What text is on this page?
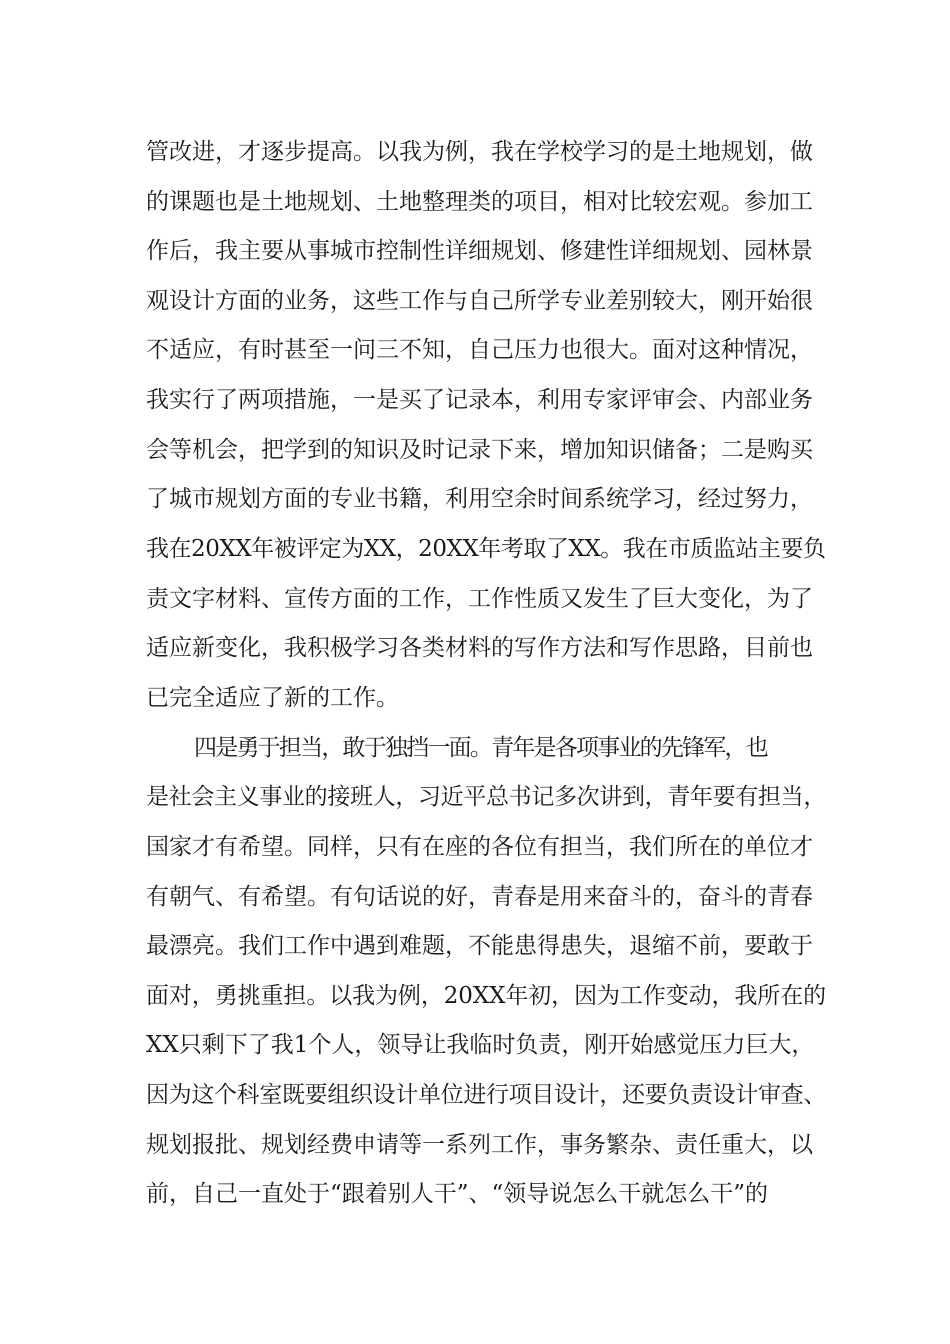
管改进，才逐步提高。以我为例，我在学校学习的是土地规划，做
的课题也是土地规划、土地整理类的项目，相对比较宏观。参加工
作后，我主要从事城市控制性详细规划、修建性详细规划、园林景
观设计方面的业务，这些工作与自己所学专业差别较大，刚开始很
不适应，有时甚至一问三不知，自己压力也很大。面对这种情况，
我实行了两项措施，一是买了记录本，利用专家评审会、内部业务
会等机会，把学到的知识及时记录下来，增加知识储备；二是购买
了城市规划方面的专业书籍，利用空余时间系统学习，经过努力，
我在20XX年被评定为XX，20XX年考取了XX。我在市质监站主要负
责文字材料、宣传方面的工作，工作性质又发生了巨大变化，为了
适应新变化，我积极学习各类材料的写作方法和写作思路，目前也
已完全适应了新的工作。
四是勇于担当，敢于独挡一面。青年是各项事业的先锋军，也
是社会主义事业的接班人，习近平总书记多次讲到，青年要有担当，
国家才有希望。同样，只有在座的各位有担当，我们所在的单位才
有朝气、有希望。有句话说的好，青春是用来奋斗的，奋斗的青春
最漂亮。我们工作中遇到难题，不能患得患失，退缩不前，要敢于
面对，勇挑重担。以我为例，20XX年初，因为工作变动，我所在的
XX只剩下了我1个人，领导让我临时负责，刚开始感觉压力巨大，
因为这个科室既要组织设计单位进行项目设计，还要负责设计审查、
规划报批、规划经费申请等一系列工作，事务繁杂、责任重大，以
前，自己一直处于“跟着别人干”、“领导说怎么干就怎么干”的
